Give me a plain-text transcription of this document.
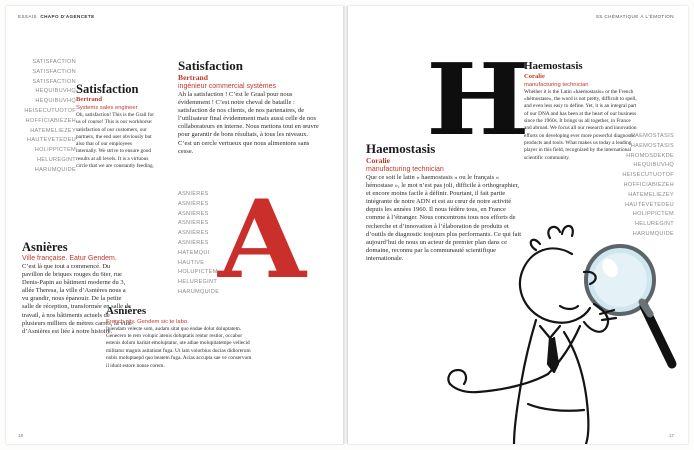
ESSAIS CHAPO D'AGENCETE
SATISFACTION
SATISFACTION
SATISFACTION
HEQUIBUVHQ
HEQUIBUVHQ
HEISECUTUOTOF
HOFFICIABIEZEH
HATEMELIEZEY
HAUTEVETEDEU
HOLIPPICTEM
HELUREGINT
HARUMQUIDE

Satisfaction

Bertrand

Systems sales engineer

Oh, satisfaction! This is the Grail for us of course! This is our workhorse: satisfaction of our customers, our partners, the end user obviously but also that of our employees internally. We strive to ensure good results at all levels. It is a virtuous circle that we are constantly feeding.

Satisfaction

Bertrand

ingénieur commercial systèmes

Ah la satisfaction ! C’est le Graal pour nous évidemment ! C’est notre cheval de bataille : satisfaction de nos clients, de nos partenaires, de l’utilisateur final évidemment mais aussi celle de nos collaborateurs en interne. Nous mettons tout en œuvre pour garantir de bons résultats, à tous les niveaux. C’est un cercle vertueux que nous alimentons sans cesse.

ASNIÈRES
ASNIÈRES
ASNIÈRES
ASNIÈRES
ASNIÈRES
ASNIÈRES
HATEMQUI
HAUTIVE
HOLUPICTEM
HELUREGINT
HARUMQUIDE
A

Asnières

Ville française. Eatur Gendem.

C’est là que tout a commencé. Du pavillon de briques rouges du 6ter, rue Denis-Papin au bâtiment moderne du 3, allée Theresa, la ville d’Asnières nous a vu grandir, nous épanouir. De la petite salle de réception, transformée en salle de travail, à nos bâtiments actuels de plusieurs milliers de mètres carrés, la ville d’Asnières est liée à notre histoire.

Asnières

French city. Gendem sic te labo.

Ipiendam velecte som, audam sitat quo endae dolut doluptatem. Genecero te rem volupic atenis doluptatis rentur restior, occabor estenis dolum haritat emoluptatur, ute adiae molupitatempe vellecid militatur magnis asitatiunt fuga. Ut lam volorbius ducias didiorerum nobis moluptaepd quo beatem fuga. Acias accupta sae ve conservum il idunt estore nonse corem.

18
SS CHÉMATIQUE À L'ÉMOTION
H

Haemostasis

Coralie

manufacturing technician

Whether it is the Latin «haemostasis» or the French «hémostase», the word is not pretty, difficult to spell, and even less easy to define. Yet, it is an integral part of our DNA and has been at the heart of our business since the 1960s. It brings us all together, in France and abroad. We focus all our research and innovation efforts on developing ever more powerful diagnostic products and tools. What makes us today a leading player in this field, recognized by the international scientific community.

HAEMOSTASIS
HAEMOSTASIS
HROMOSDEKDE
HEQUIBUVHQ
HEISECUTUOTOF
HOFFICIABIEZEH
HATEMELIEZEY
HAUTEVETEDEU
HOLIPPICTEM
HELUREGINT
HARUMQUIDE

Haemostasis

Coralie

manufacturing technician

Que ce soit le latin « haemostasis » ou le français « hémostase », le mot n’est pas joli, difficile à orthographier, et encore moins facile à définir. Pourtant, il fait partie intégrante de notre ADN et est au cœur de notre activité depuis les années 1960. Il nous fédère tous, en France comme à l’étranger. Nous concentrons tous nos efforts de recherche et d’innovation à l’élaboration de produits et d’outils de diagnostic toujours plus performants. Ce qui fait aujourd’hui de nous un acteur de premier plan dans ce domaine, reconnu par la communauté scientifique internationale.

17
